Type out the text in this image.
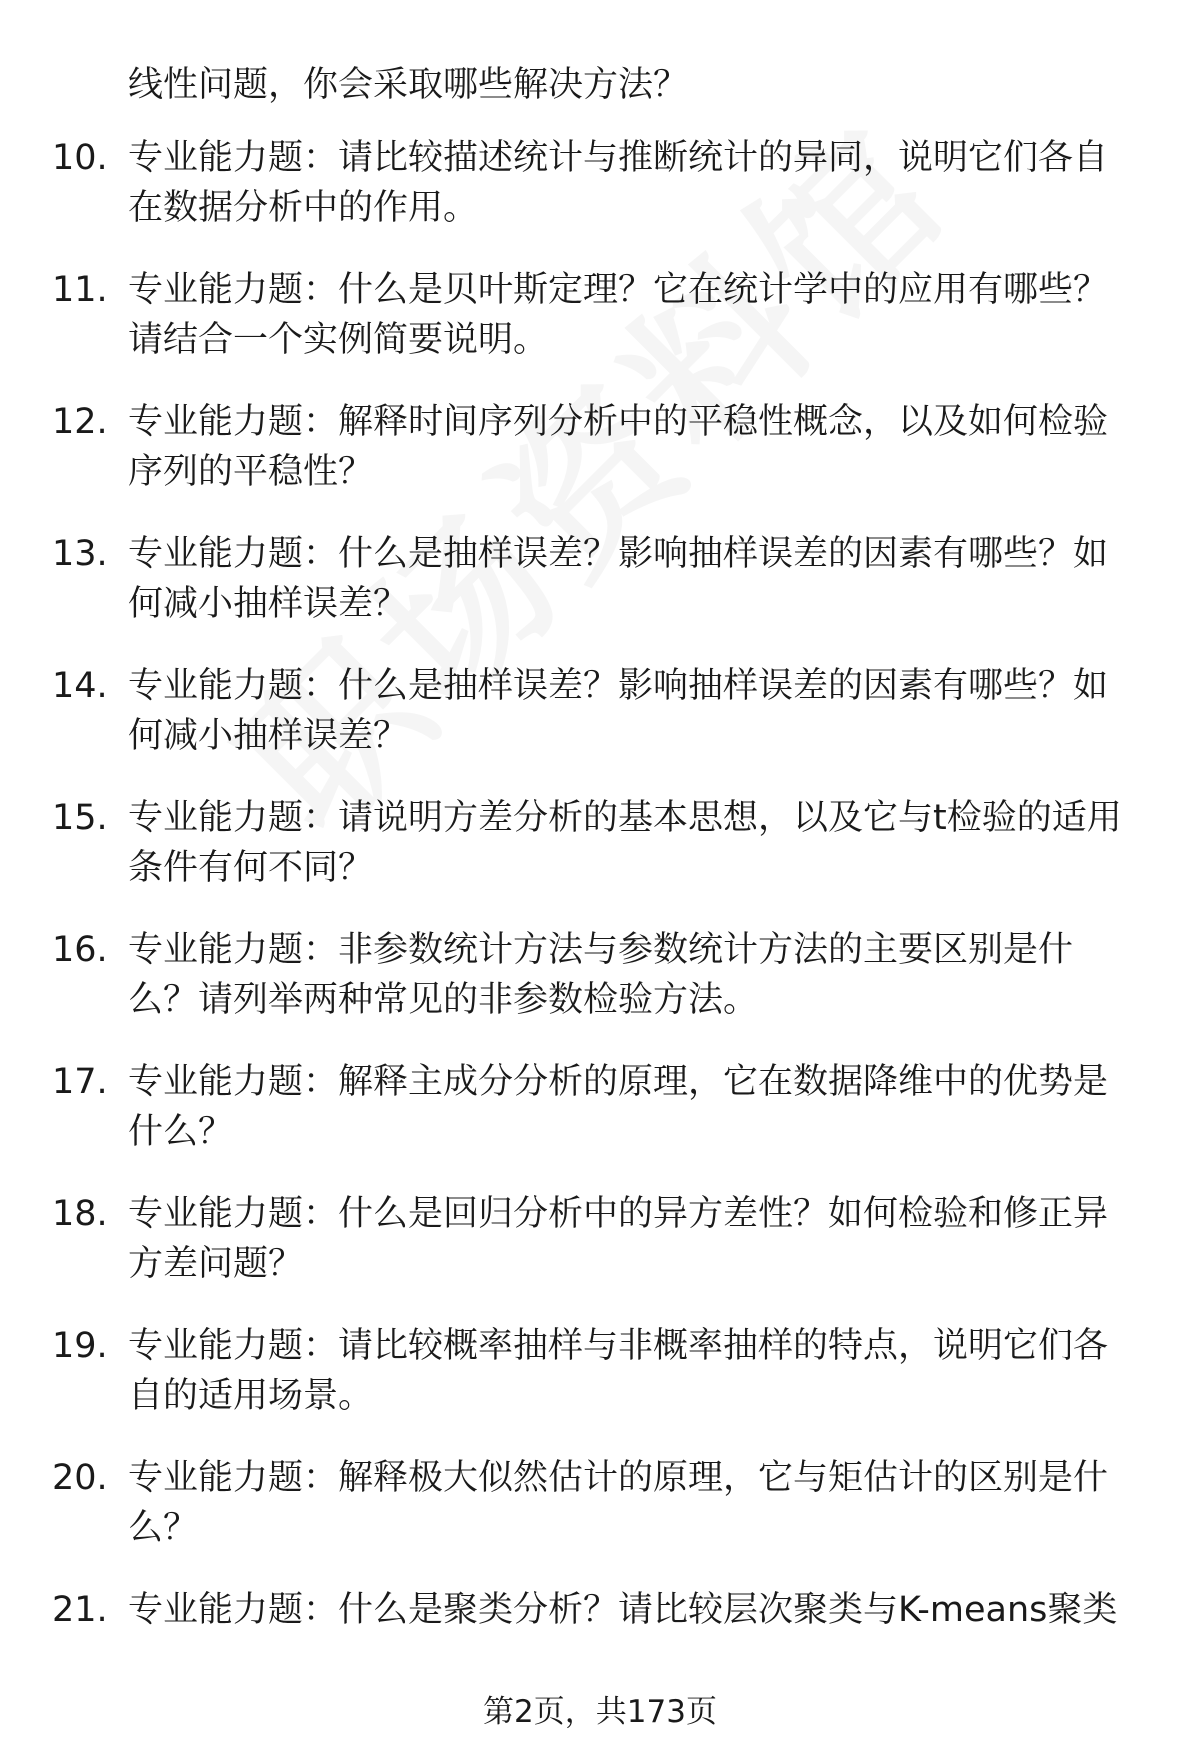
线性问题，你会采取哪些解决方法？
10. 专业能力题：请比较描述统计与推断统计的异同，说明它们各自
在数据分析中的作用。
11. 专业能力题：什么是贝叶斯定理？它在统计学中的应用有哪些？
请结合一个实例简要说明。
12. 专业能力题：解释时间序列分析中的平稳性概念，以及如何检验
序列的平稳性？
13. 专业能力题：什么是抽样误差？影响抽样误差的因素有哪些？如
何减小抽样误差？
14. 专业能力题：什么是抽样误差？影响抽样误差的因素有哪些？如
何减小抽样误差？
15. 专业能力题：请说明方差分析的基本思想，以及它与t检验的适用
条件有何不同？
16. 专业能力题：非参数统计方法与参数统计方法的主要区别是什
么？请列举两种常见的非参数检验方法。
17. 专业能力题：解释主成分分析的原理，它在数据降维中的优势是
什么？
18. 专业能力题：什么是回归分析中的异方差性？如何检验和修正异
方差问题？
19. 专业能力题：请比较概率抽样与非概率抽样的特点，说明它们各
自的适用场景。
20. 专业能力题：解释极大似然估计的原理，它与矩估计的区别是什
么？
21. 专业能力题：什么是聚类分析？请比较层次聚类与K-means聚类
第2页，共173页
